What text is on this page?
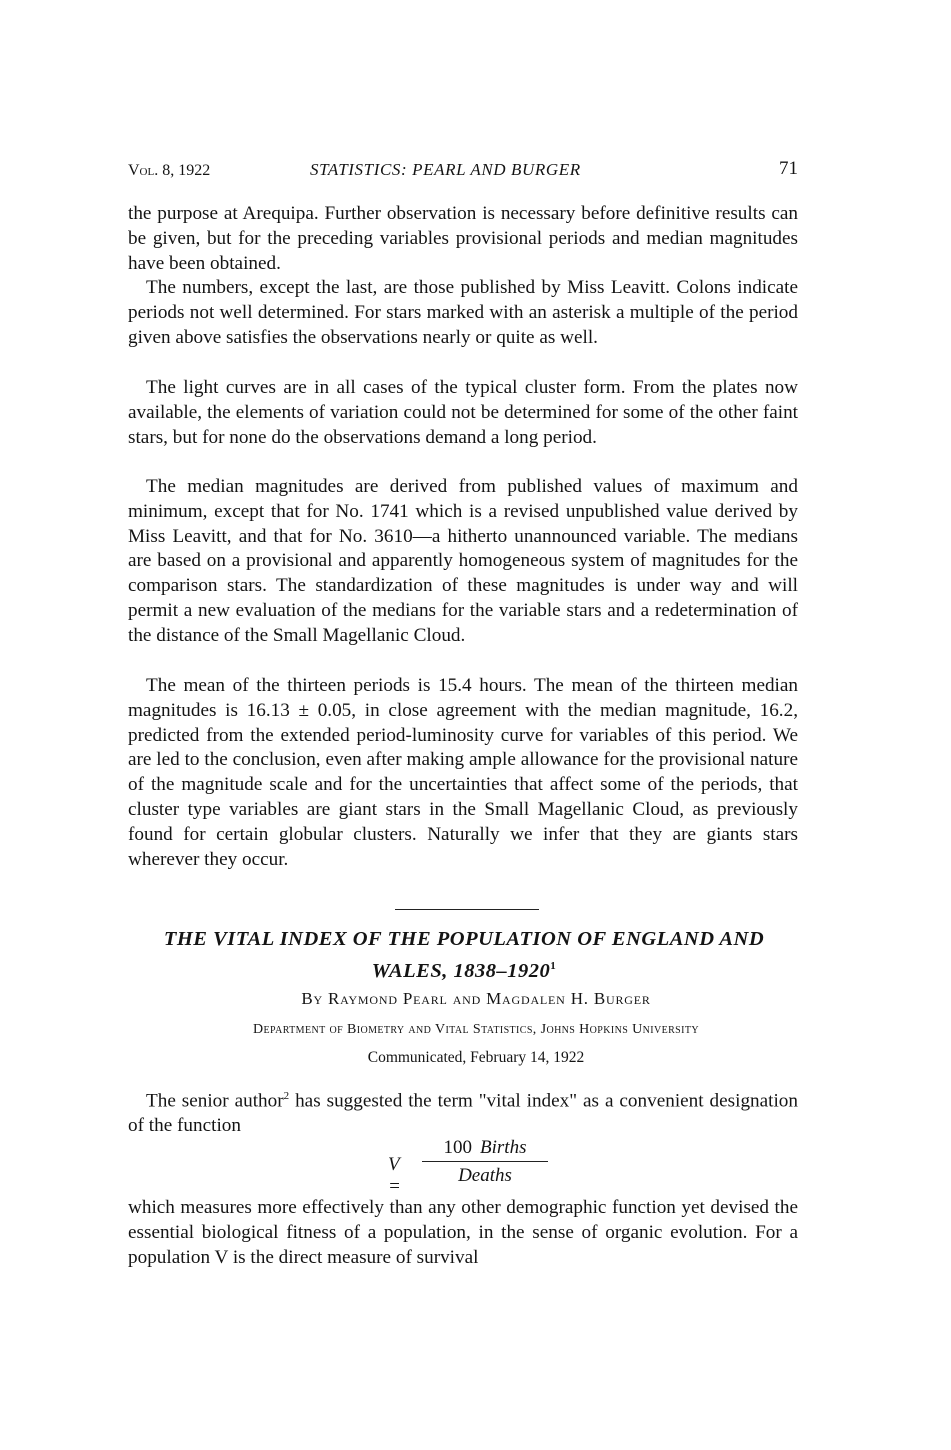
Vol. 8, 1922	STATISTICS: PEARL AND BURGER	71

the purpose at Arequipa. Further observation is necessary before definitive results can be given, but for the preceding variables provisional periods and median magnitudes have been obtained.

The numbers, except the last, are those published by Miss Leavitt. Colons indicate periods not well determined. For stars marked with an asterisk a multiple of the period given above satisfies the observations nearly or quite as well.

The light curves are in all cases of the typical cluster form. From the plates now available, the elements of variation could not be determined for some of the other faint stars, but for none do the observations demand a long period.

The median magnitudes are derived from published values of maximum and minimum, except that for No. 1741 which is a revised unpublished value derived by Miss Leavitt, and that for No. 3610—a hitherto unannounced variable. The medians are based on a provisional and apparently homogeneous system of magnitudes for the comparison stars. The standardization of these magnitudes is under way and will permit a new evaluation of the medians for the variable stars and a redetermination of the distance of the Small Magellanic Cloud.

The mean of the thirteen periods is 15.4 hours. The mean of the thirteen median magnitudes is 16.13 ± 0.05, in close agreement with the median magnitude, 16.2, predicted from the extended period-luminosity curve for variables of this period. We are led to the conclusion, even after making ample allowance for the provisional nature of the magnitude scale and for the uncertainties that affect some of the periods, that cluster type variables are giant stars in the Small Magellanic Cloud, as previously found for certain globular clusters. Naturally we infer that they are giants stars wherever they occur.

THE VITAL INDEX OF THE POPULATION OF ENGLAND AND
WALES, 1838–1920$^1$
By Raymond Pearl and Magdalen H. Burger
Department of Biometry and Vital Statistics, Johns Hopkins University
Communicated, February 14, 1922

The senior author$^2$ has suggested the term "vital index" as a convenient designation of the function

V =
100 Births
Deaths

which measures more effectively than any other demographic function yet devised the essential biological fitness of a population, in the sense of organic evolution. For a population V is the direct measure of survival
